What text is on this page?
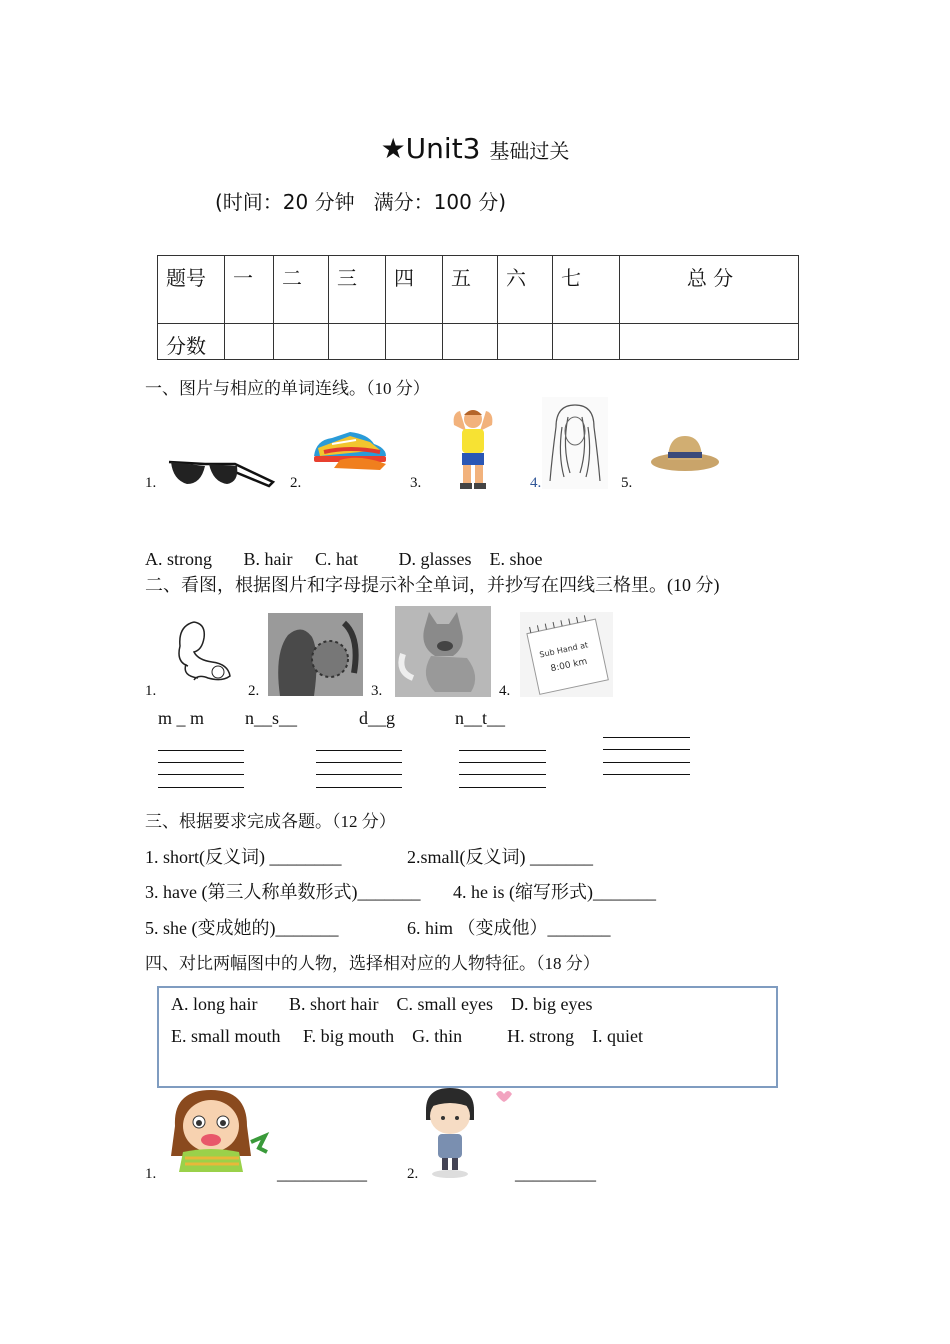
★Unit3 基础过关
(时间：20 分钟   满分：100 分)
题号	一	二	三	四	五	六	七	总 分
分数								
一、图片与相应的单词连线。（10 分）
1.	2.	3.	4.	5.
A. strong       B. hair     C. hat         D. glasses    E. shoe
二、看图，根据图片和字母提示补全单词，并抄写在四线三格里。(10 分)
1.	2.	3.	4.
Sub Hand at
8:00 km
m _ m n__s__	d__g	n__t__
三、根据要求完成各题。（12 分）
1. short(反义词) ________	2.small(反义词) _______
3. have (第三人称单数形式)_______ 4. he is (缩写形式)_______
5. she (变成她的)_______	6. him （变成他）_______
四、对比两幅图中的人物，选择相对应的人物特征。（18 分）
A. long hair       B. short hair    C. small eyes    D. big eyes
E. small mouth     F. big mouth    G. thin          H. strong    I. quiet
1.	__________	2.	_________
